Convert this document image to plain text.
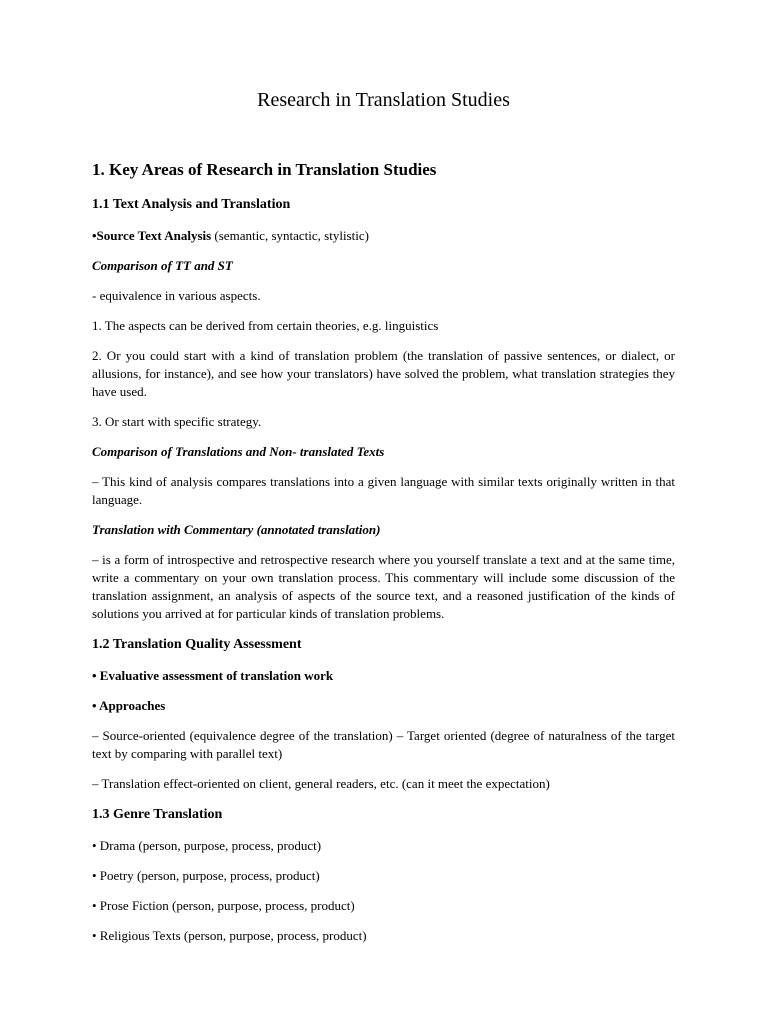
Research in Translation Studies
1. Key Areas of Research in Translation Studies
1.1 Text Analysis and Translation
•Source Text Analysis (semantic, syntactic, stylistic)
Comparison of TT and ST
- equivalence in various aspects.
1. The aspects can be derived from certain theories, e.g. linguistics
2. Or you could start with a kind of translation problem (the translation of passive sentences, or dialect, or allusions, for instance), and see how your translators) have solved the problem, what translation strategies they have used.
3. Or start with specific strategy.
Comparison of Translations and Non- translated Texts
– This kind of analysis compares translations into a given language with similar texts originally written in that language.
Translation with Commentary (annotated translation)
– is a form of introspective and retrospective research where you yourself translate a text and at the same time, write a commentary on your own translation process. This commentary will include some discussion of the translation assignment, an analysis of aspects of the source text, and a reasoned justification of the kinds of solutions you arrived at for particular kinds of translation problems.
1.2 Translation Quality Assessment
• Evaluative assessment of translation work
• Approaches
– Source-oriented (equivalence degree of the translation) – Target oriented (degree of naturalness of the target text by comparing with parallel text)
– Translation effect-oriented on client, general readers, etc. (can it meet the expectation)
1.3 Genre Translation
• Drama (person, purpose, process, product)
• Poetry (person, purpose, process, product)
• Prose Fiction (person, purpose, process, product)
• Religious Texts (person, purpose, process, product)
